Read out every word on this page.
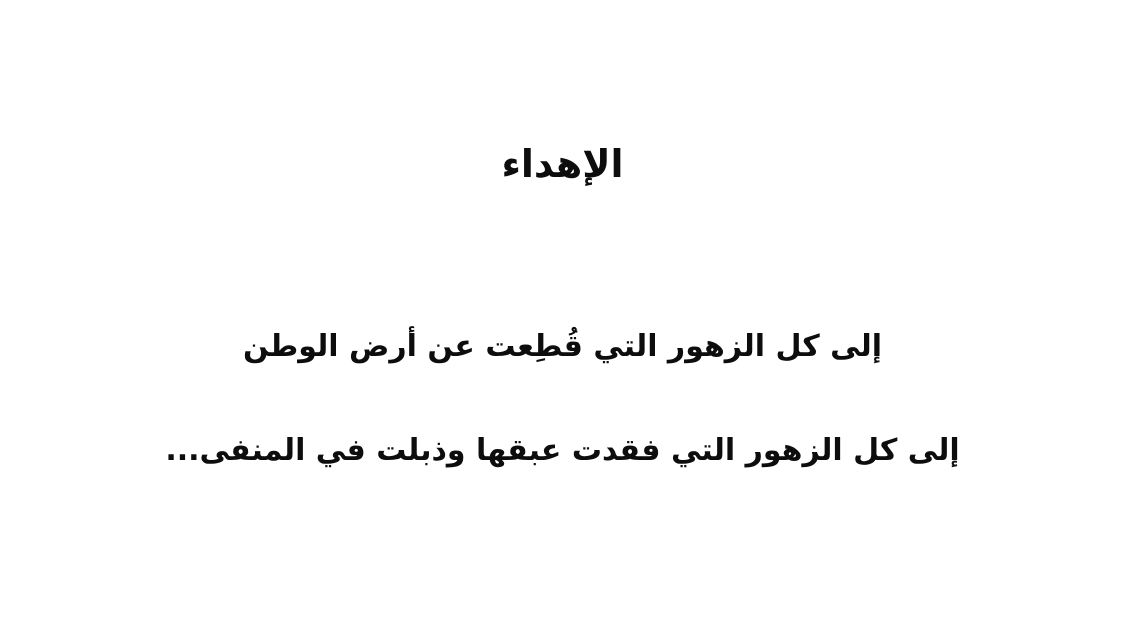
الإهداء

إلى كل الزهور التي قُطِعت عن أرض الوطن

إلى كل الزهور التي فقدت عبقها وذبلت في المنفى...
